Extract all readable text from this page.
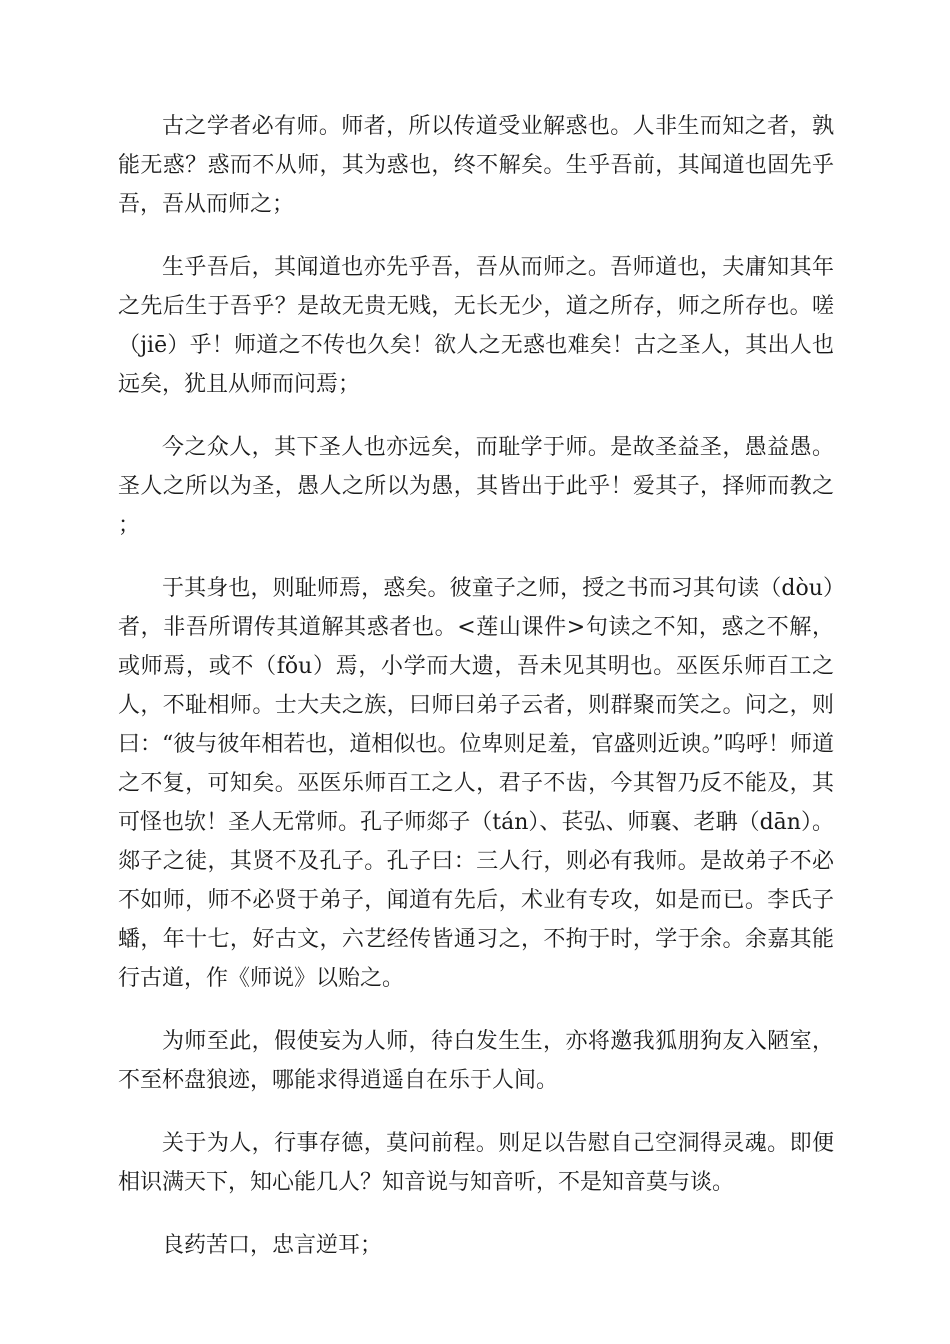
古之学者必有师。师者，所以传道受业解惑也。人非生而知之者，孰能无惑？惑而不从师，其为惑也，终不解矣。生乎吾前，其闻道也固先乎吾，吾从而师之；

生乎吾后，其闻道也亦先乎吾，吾从而师之。吾师道也，夫庸知其年之先后生于吾乎？是故无贵无贱，无长无少，道之所存，师之所存也。嗟（jiē）乎！师道之不传也久矣！欲人之无惑也难矣！古之圣人，其出人也远矣，犹且从师而问焉；

今之众人，其下圣人也亦远矣，而耻学于师。是故圣益圣，愚益愚。圣人之所以为圣，愚人之所以为愚，其皆出于此乎！爱其子，择师而教之；

于其身也，则耻师焉，惑矣。彼童子之师，授之书而习其句读（dòu）者，非吾所谓传其道解其惑者也。<莲山课件>句读之不知，惑之不解，或师焉，或不（fǒu）焉，小学而大遗，吾未见其明也。巫医乐师百工之人，不耻相师。士大夫之族，曰师曰弟子云者，则群聚而笑之。问之，则曰：“彼与彼年相若也，道相似也。位卑则足羞，官盛则近谀。”呜呼！师道之不复，可知矣。巫医乐师百工之人，君子不齿，今其智乃反不能及，其可怪也欤！圣人无常师。孔子师郯子（tán）、苌弘、师襄、老聃（dān）。郯子之徒，其贤不及孔子。孔子曰：三人行，则必有我师。是故弟子不必不如师，师不必贤于弟子，闻道有先后，术业有专攻，如是而已。李氏子蟠，年十七，好古文，六艺经传皆通习之，不拘于时，学于余。余嘉其能行古道，作《师说》以贻之。

为师至此，假使妄为人师，待白发生生，亦将邀我狐朋狗友入陋室，不至杯盘狼迹，哪能求得逍遥自在乐于人间。

关于为人，行事存德，莫问前程。则足以告慰自己空洞得灵魂。即便相识满天下，知心能几人？知音说与知音听，不是知音莫与谈。

良药苦口，忠言逆耳；
